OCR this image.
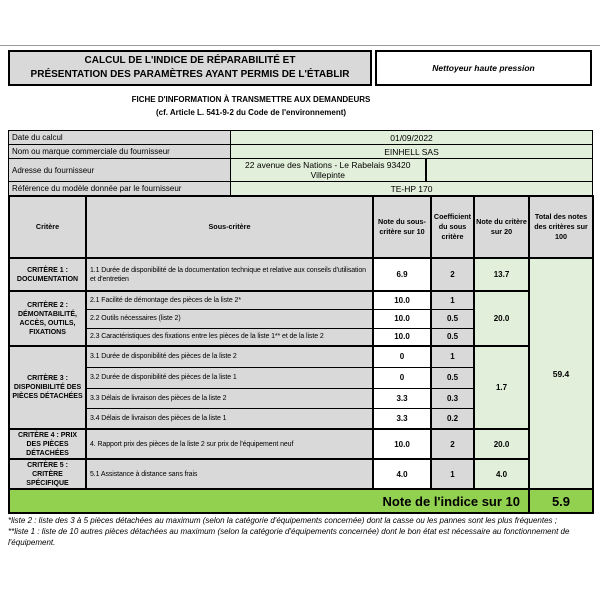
CALCUL DE L'INDICE DE RÉPARABILITÉ ET
PRÉSENTATION DES PARAMÈTRES AYANT PERMIS DE L'ÉTABLIR
Nettoyeur haute pression
FICHE D'INFORMATION À TRANSMETTRE AUX DEMANDEURS
(cf. Article L. 541-9-2 du Code de l'environnement)
Date du calcul	01/09/2022	
Nom ou marque commerciale du fournisseur	EINHELL SAS	
Adresse du fournisseur	22 avenue des Nations - Le Rabelais 93420 Villepinte	
Référence du modèle donnée par le fournisseur	TE-HP 170	
Critère	Sous-critère	Note du sous-critère sur 10	Coefficient du sous critère	Note du critère sur 20	Total des notes des critères sur 100
CRITÈRE 1 : DOCUMENTATION	1.1 Durée de disponibilité de la documentation technique et relative aux conseils d'utilisation et d'entretien	6.9	2	13.7	59.4
CRITÈRE 2 : DÉMONTABILITÉ, ACCÈS, OUTILS, FIXATIONS	2.1 Facilité de démontage des pièces de la liste 2*	10.0	1	20.0	
	2.2 Outils nécessaires (liste 2)	10.0	0.5		
	2.3 Caractéristiques des fixations entre les pièces de la liste 1** et de la liste 2	10.0	0.5		
CRITÈRE 3 : DISPONIBILITÉ DES PIÈCES DÉTACHÉES	3.1 Durée de disponibilité des pièces de la liste 2	0	1	1.7	
	3.2 Durée de disponibilité des pièces de la liste 1	0	0.5		
	3.3 Délais de livraison des pièces de la liste 2	3.3	0.3		
	3.4 Délais de livraison des pièces de la liste 1	3.3	0.2		
CRITÈRE 4 : PRIX DES PIÈCES DÉTACHÉES	4. Rapport prix des pièces de la liste 2 sur prix de l'équipement neuf	10.0	2	20.0	
CRITÈRE 5 : CRITÈRE SPÉCIFIQUE	5.1 Assistance à distance sans frais	4.0	1	4.0	
Note de l'indice sur 10					5.9
*liste 2 : liste des 3 à 5 pièces détachées au maximum (selon la catégorie d'équipements concernée) dont la casse ou les pannes sont les plus fréquentes ;
**liste 1 : liste de 10 autres pièces détachées au maximum (selon la catégorie d'équipements concernée) dont le bon état est nécessaire au fonctionnement de l'équipement.
